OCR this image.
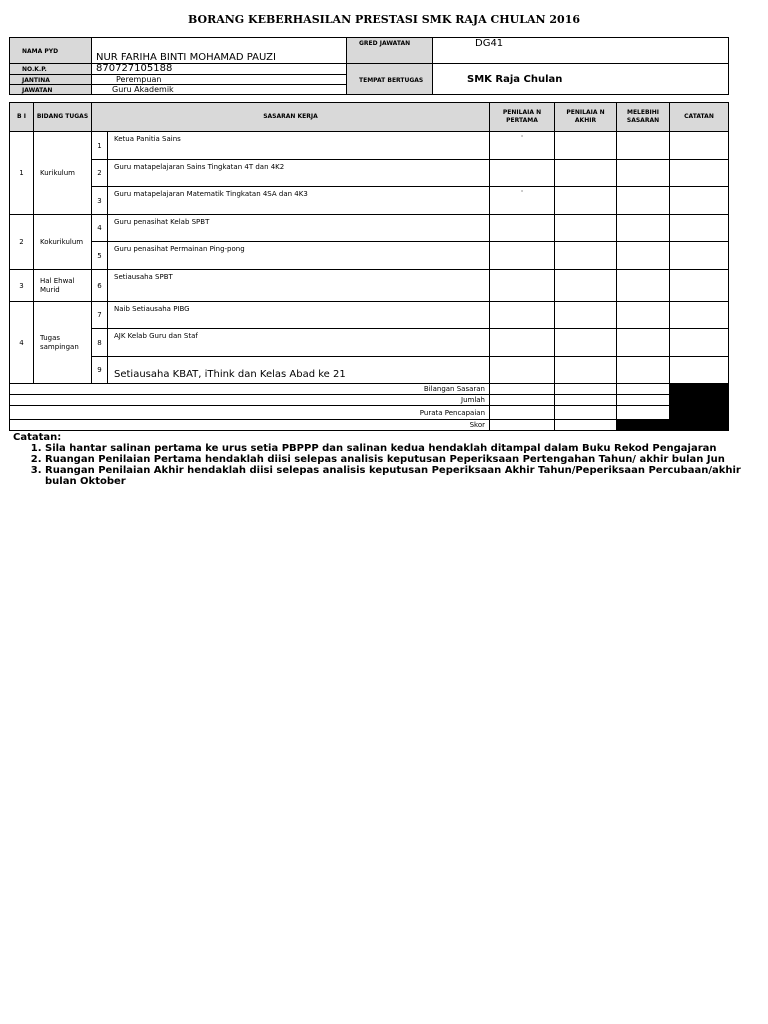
BORANG KEBERHASILAN PRESTASI SMK RAJA CHULAN 2016
NAMA PYD	NUR FARIHA BINTI MOHAMAD PAUZI	GRED JAWATAN	DG41
NO.K.P.	870727105188	TEMPAT BERTUGAS	SMK Raja Chulan
JANTINA	Perempuan		
JAWATAN	Guru Akademik		
B I	BIDANG TUGAS	SASARAN KERJA		PENILAIA N PERTAMA	PENILAIA N AKHIR	MELEBIHI SASARAN	CATATAN
1	Kurikulum	1	Ketua Panitia Sains	·			
		2	Guru matapelajaran Sains Tingkatan 4T dan 4K2				
		3	Guru matapelajaran Matematik Tingkatan 4SA dan 4K3	·			
2	Kokurikulum	4	Guru penasihat Kelab SPBT				
		5	Guru penasihat Permainan Ping-pong				
3	Hal Ehwal Murid	6	Setiausaha SPBT				
4	Tugas sampingan	7	Naib Setiausaha PIBG				
		8	AJK Kelab Guru dan Staf				
		9	Setiausaha KBAT, iThink dan Kelas Abad ke 21				
Bilangan Sasaran							
Jumlah							
Purata Pencapaian							
Skor							
Catatan:
1. Sila hantar salinan pertama ke urus setia PBPPP dan salinan kedua hendaklah ditampal dalam Buku Rekod Pengajaran
2. Ruangan Penilaian Pertama hendaklah diisi selepas analisis keputusan Peperiksaan Pertengahan Tahun/ akhir bulan Jun
3. Ruangan Penilaian Akhir hendaklah diisi selepas analisis keputusan Peperiksaan Akhir Tahun/Peperiksaan Percubaan/akhir bulan Oktober
